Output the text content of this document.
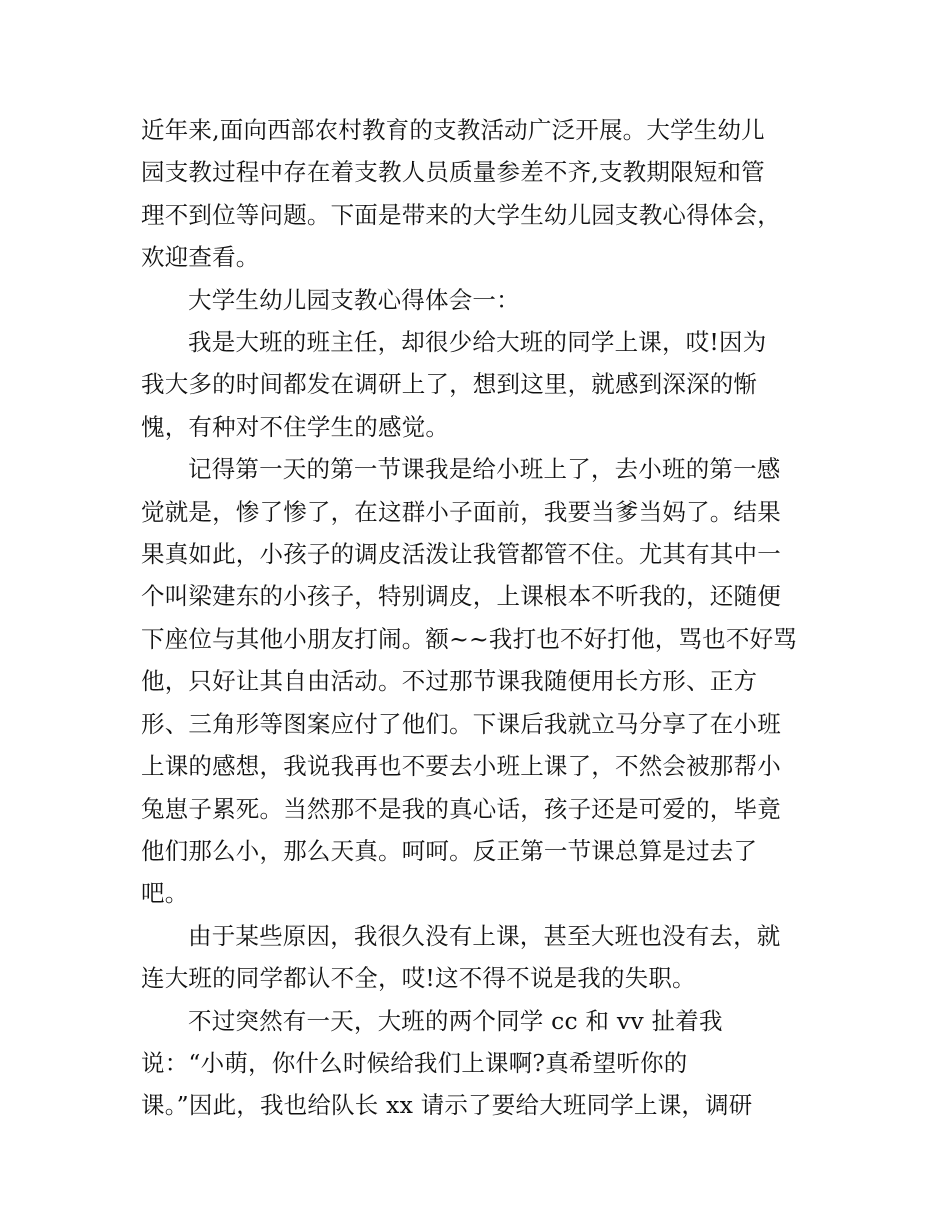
近年来,面向西部农村教育的支教活动广泛开展。大学生幼儿
园支教过程中存在着支教人员质量参差不齐,支教期限短和管
理不到位等问题。下面是带来的大学生幼儿园支教心得体会，
欢迎查看。
大学生幼儿园支教心得体会一：
我是大班的班主任，却很少给大班的同学上课，哎!因为
我大多的时间都发在调研上了，想到这里，就感到深深的惭
愧，有种对不住学生的感觉。
记得第一天的第一节课我是给小班上了，去小班的第一感
觉就是，惨了惨了，在这群小子面前，我要当爹当妈了。结果
果真如此，小孩子的调皮活泼让我管都管不住。尤其有其中一
个叫梁建东的小孩子，特别调皮，上课根本不听我的，还随便
下座位与其他小朋友打闹。额~~我打也不好打他，骂也不好骂
他，只好让其自由活动。不过那节课我随便用长方形、正方
形、三角形等图案应付了他们。下课后我就立马分享了在小班
上课的感想，我说我再也不要去小班上课了，不然会被那帮小
兔崽子累死。当然那不是我的真心话，孩子还是可爱的，毕竟
他们那么小，那么天真。呵呵。反正第一节课总算是过去了
吧。
由于某些原因，我很久没有上课，甚至大班也没有去，就
连大班的同学都认不全，哎!这不得不说是我的失职。
不过突然有一天，大班的两个同学 cc 和 vv 扯着我
说：“小萌，你什么时候给我们上课啊?真希望听你的
课。”因此，我也给队长 xx 请示了要给大班同学上课，调研
